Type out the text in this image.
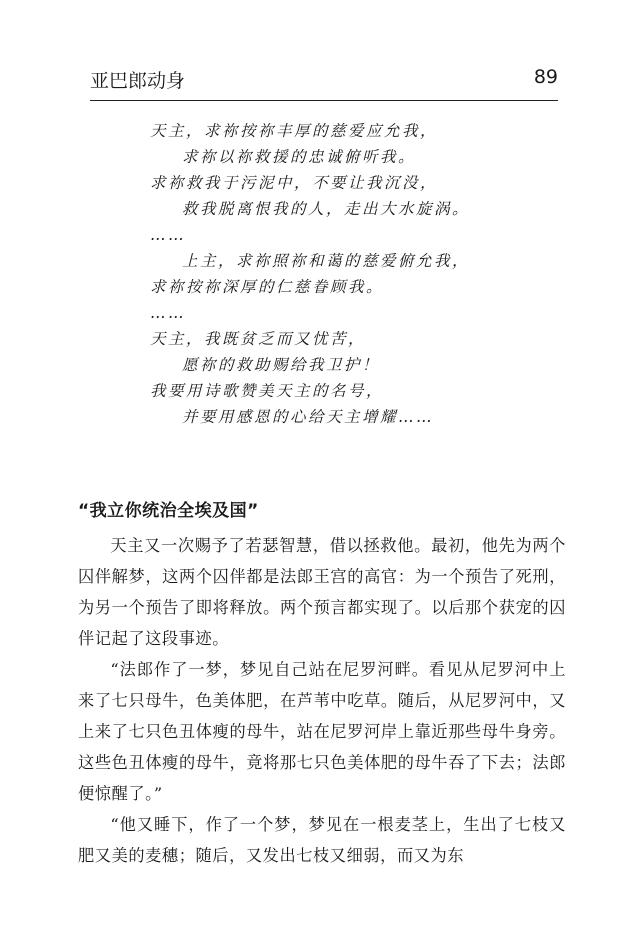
亚巴郎动身	89
天主，求祢按祢丰厚的慈爱应允我，
求祢以祢救援的忠诚俯听我。
求祢救我于污泥中，不要让我沉没，
救我脱离恨我的人，走出大水旋涡。
……
上主，求祢照祢和蔼的慈爱俯允我，
求祢按祢深厚的仁慈眷顾我。
……
天主，我既贫乏而又忧苦，
愿祢的救助赐给我卫护！
我要用诗歌赞美天主的名号，
并要用感恩的心给天主增耀……
“我立你统治全埃及国”

天主又一次赐予了若瑟智慧，借以拯救他。最初，他先为两个囚伴解梦，这两个囚伴都是法郎王宫的高官：为一个预告了死刑，为另一个预告了即将释放。两个预言都实现了。以后那个获宠的囚伴记起了这段事迹。

“法郎作了一梦，梦见自己站在尼罗河畔。看见从尼罗河中上来了七只母牛，色美体肥，在芦苇中吃草。随后，从尼罗河中，又上来了七只色丑体瘦的母牛，站在尼罗河岸上靠近那些母牛身旁。这些色丑体瘦的母牛，竟将那七只色美体肥的母牛吞了下去；法郎便惊醒了。”

“他又睡下，作了一个梦，梦见在一根麦茎上，生出了七枝又肥又美的麦穗；随后，又发出七枝又细弱，而又为东
